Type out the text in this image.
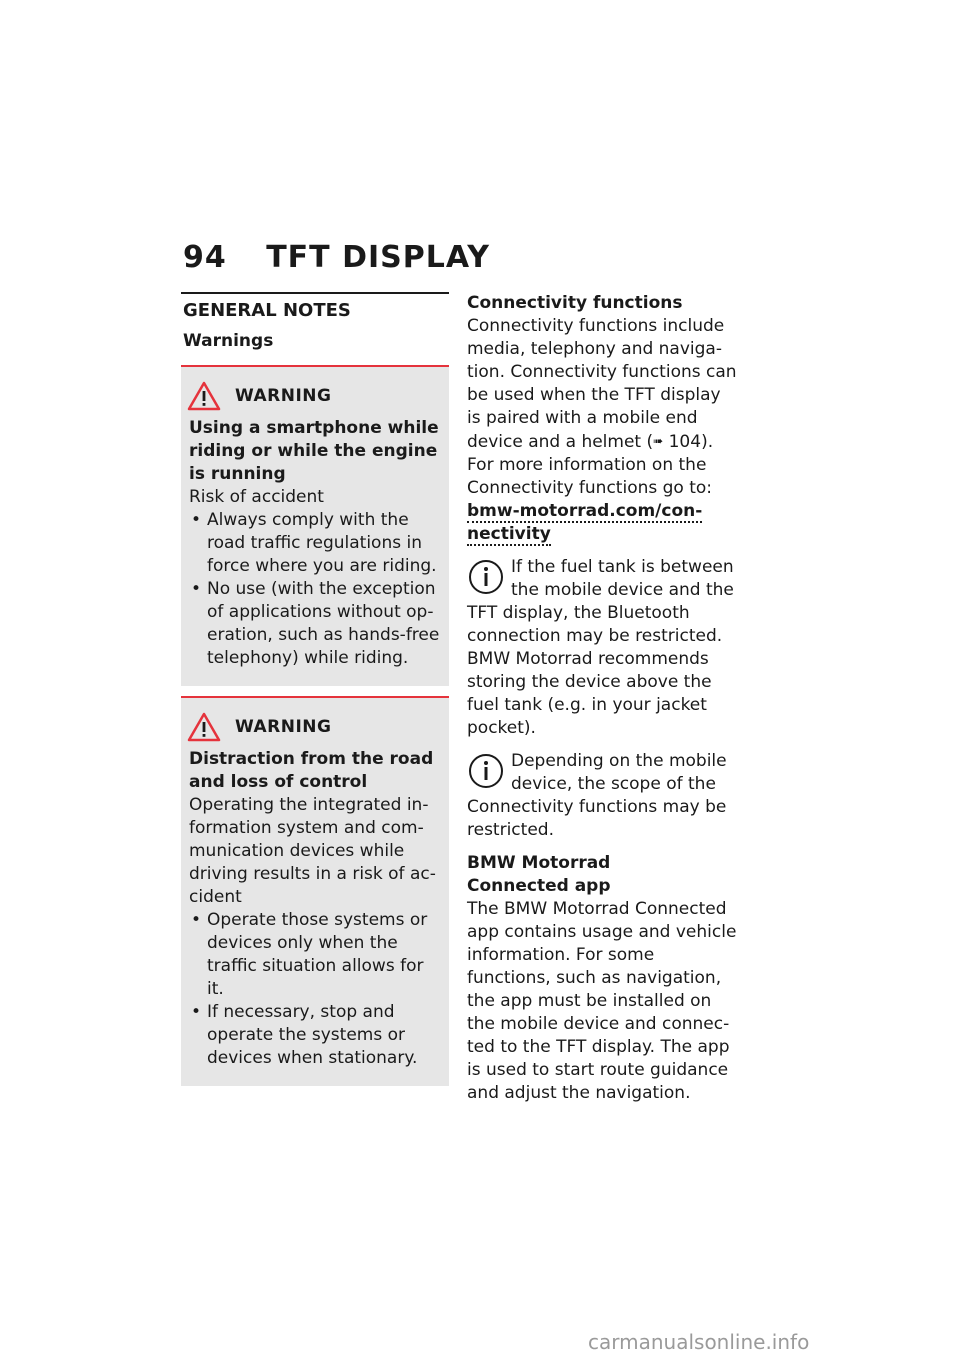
94 TFT DISPLAY
GENERAL NOTES
Warnings
WARNING
Using a smartphone while riding or while the engine is running
Risk of accident
• Always comply with the road traffic regulations in force where you are riding.
• No use (with the exception of applications without operation, such as hands-free telephony) while riding.
WARNING
Distraction from the road and loss of control
Operating the integrated information system and communication devices while driving results in a risk of accident
• Operate those systems or devices only when the traffic situation allows for it.
• If necessary, stop and operate the systems or devices when stationary.
Connectivity functions
Connectivity functions include media, telephony and navigation. Connectivity functions can be used when the TFT display is paired with a mobile end device and a helmet (➠ 104). For more information on the Connectivity functions go to: bmw-motorrad.com/connectivity
If the fuel tank is between the mobile device and the TFT display, the Bluetooth connection may be restricted. BMW Motorrad recommends storing the device above the fuel tank (e.g. in your jacket pocket).
Depending on the mobile device, the scope of the Connectivity functions may be restricted.
BMW Motorrad Connected app
The BMW Motorrad Connected app contains usage and vehicle information. For some functions, such as navigation, the app must be installed on the mobile device and connected to the TFT display. The app is used to start route guidance and adjust the navigation.
carmanualsonline.info
